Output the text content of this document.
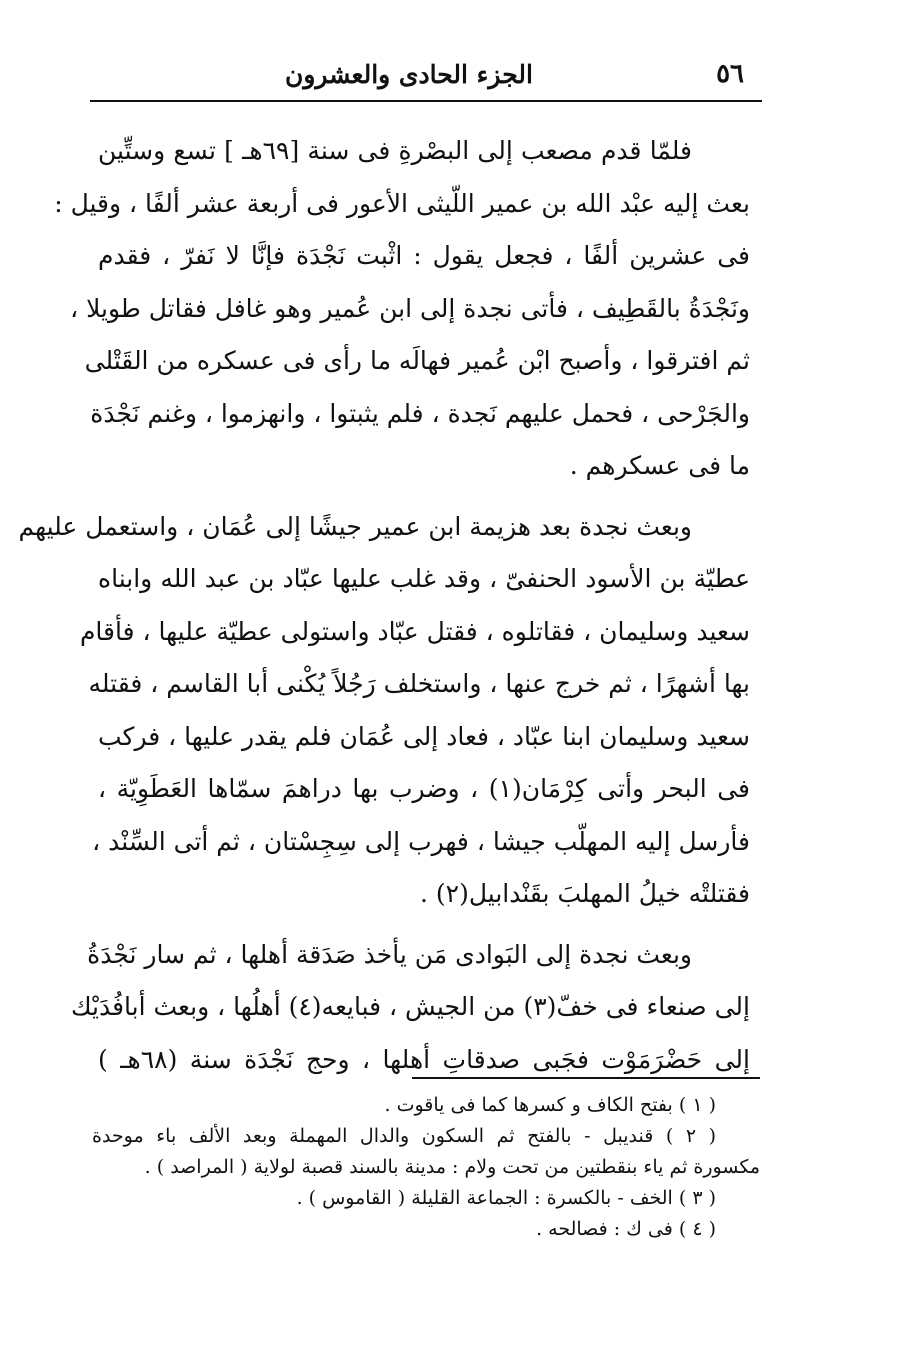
٥٦
الجزء الحادى والعشرون
فلمّا قدم مصعب إلى البصْرةِ فى سنة [٦٩هـ ] تسع وستِّين
بعث إليه عبْد الله بن عمير اللّيثى الأعور فى أربعة عشر ألفًا ، وقيل :
فى عشرين ألفًا ، فجعل يقول : اثْبت نَجْدَة فإنَّا لا نَفرّ ، فقدم
ونَجْدَةُ بالقَطِيف ، فأتى نجدة إلى ابن عُمير وهو غافل فقاتل طويلا ،
ثم افترقوا ، وأصبح ابْن عُمير فهالَه ما رأى فى عسكره من القَتْلى
والجَرْحى ، فحمل عليهم نَجدة ، فلم يثبتوا ، وانهزموا ، وغنم نَجْدَة
ما فى عسكرهم .
وبعث نجدة بعد هزيمة ابن عمير جيشًا إلى عُمَان ، واستعمل عليهم
عطيّة بن الأسود الحنفىّ ، وقد غلب عليها عبّاد بن عبد الله وابناه
سعيد وسليمان ، فقاتلوه ، فقتل عبّاد واستولى عطيّة عليها ، فأقام
بها أشهرًا ، ثم خرج عنها ، واستخلف رَجُلاً يُكْنى أبا القاسم ، فقتله
سعيد وسليمان ابنا عبّاد ، فعاد إلى عُمَان فلم يقدر عليها ، فركب
فى البحر وأتى كِرْمَان(١) ، وضرب بها دراهمَ سمّاها العَطَوِيّة ،
فأرسل إليه المهلّب جيشا ، فهرب إلى سِجِسْتان ، ثم أتى السِّنْد ،
فقتلتْه خيلُ المهلبَ بقَنْدابيل(٢) .
وبعث نجدة إلى البَوادى مَن يأخذ صَدَقة أهلها ، ثم سار نَجْدَةُ
إلى صنعاء فى خفّ(٣) من الجيش ، فبايعه(٤) أهلُها ، وبعث أبافُدَيْك
إلى حَضْرَمَوْت فجَبى صدقاتِ أهلها ، وحج نَجْدَة سنة (٦٨هـ )
( ١ ) بفتح الكاف و كسرها كما فى ياقوت .
( ٢ ) قنديبل - بالفتح ثم السكون والدال المهملة وبعد الألف باء موحدة
مكسورة ثم ياء بنقطتين من تحت ولام : مدينة بالسند قصبة لولاية ( المراصد ) .
( ٣ ) الخف - بالكسرة : الجماعة القليلة ( القاموس ) .
( ٤ ) فى ك : فصالحه .
